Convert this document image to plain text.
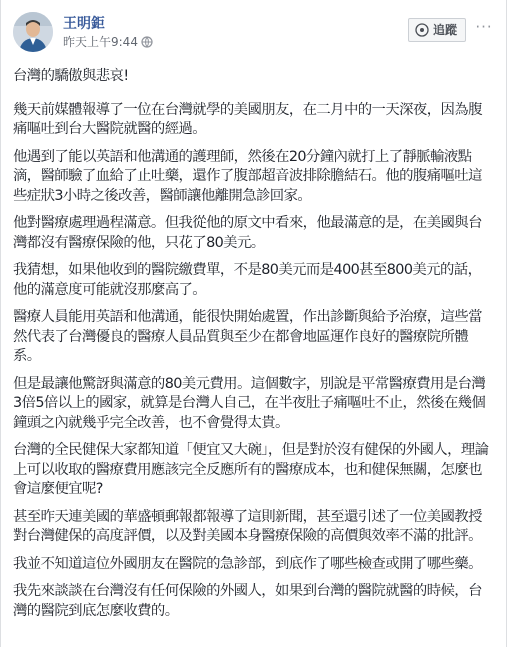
王明鉅
昨天上午9:44
追蹤	···

台灣的驕傲與悲哀!

幾天前媒體報導了一位在台灣就學的美國朋友，在二月中的一天深夜，因為腹痛嘔吐到台大醫院就醫的經過。

他遇到了能以英語和他溝通的護理師，然後在20分鐘內就打上了靜脈輸液點滴，醫師驗了血給了止吐藥，還作了腹部超音波排除膽結石。他的腹痛嘔吐這些症狀3小時之後改善，醫師讓他離開急診回家。

他對醫療處理過程滿意。但我從他的原文中看來，他最滿意的是，在美國與台灣都沒有醫療保險的他，只花了80美元。

我猜想，如果他收到的醫院繳費單，不是80美元而是400甚至800美元的話，他的滿意度可能就沒那麼高了。

醫療人員能用英語和他溝通，能很快開始處置，作出診斷與給予治療，這些當然代表了台灣優良的醫療人員品質與至少在都會地區運作良好的醫療院所體系。

但是最讓他驚訝與滿意的80美元費用。這個數字，別說是平常醫療費用是台灣3倍5倍以上的國家，就算是台灣人自己，在半夜肚子痛嘔吐不止，然後在幾個鐘頭之內就幾乎完全改善，也不會覺得太貴。

台灣的全民健保大家都知道「便宜又大碗」，但是對於沒有健保的外國人，理論上可以收取的醫療費用應該完全反應所有的醫療成本，也和健保無關，怎麼也會這麼便宜呢?

甚至昨天連美國的華盛頓郵報都報導了這則新聞，甚至還引述了一位美國教授對台灣健保的高度評價，以及對美國本身醫療保險的高價與效率不滿的批評。

我並不知道這位外國朋友在醫院的急診部，到底作了哪些檢查或開了哪些藥。

我先來談談在台灣沒有任何保險的外國人，如果到台灣的醫院就醫的時候，台灣的醫院到底怎麼收費的。
